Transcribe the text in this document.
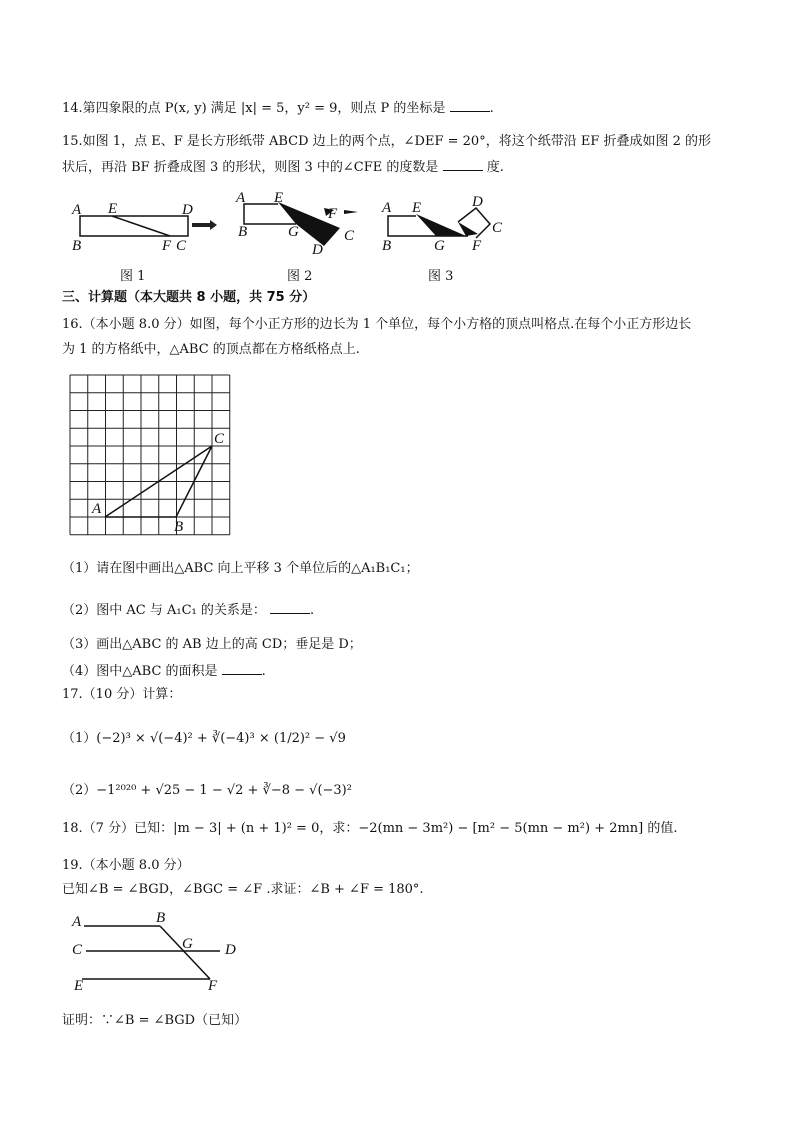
14.第四象限的点 P(x, y) 满足 |x| = 5，y² = 9，则点 P 的坐标是	.
15.如图 1，点 E、F 是长方形纸带 ABCD 边上的两个点，∠DEF = 20°，将这个纸带沿 EF 折叠成如图 2 的形
状后，再沿 BF 折叠成图 3 的形状，则图 3 中的∠CFE 的度数是	度.
A E	D
B	F C
A E
F
B	G	C
D
A E	D
C
B	G F
图 1	图 2	图 3
三、计算题（本大题共 8 小题，共 75 分）
16.（本小题 8.0 分）如图，每个小正方形的边长为 1 个单位，每个小方格的顶点叫格点.在每个小正方形边长
为 1 的方格纸中，△ABC 的顶点都在方格纸格点上.
A
B
C
（1）请在图中画出△ABC 向上平移 3 个单位后的△A₁B₁C₁；
（2）图中 AC 与 A₁C₁ 的关系是：	.
（3）画出△ABC 的 AB 边上的高 CD；垂足是 D；
（4）图中△ABC 的面积是	.
17.（10 分）计算：
（1）(−2)³ × √(−4)² + ∛(−4)³ × (1/2)² − √9
（2）−1²⁰²⁰ + √25 − 1 − √2 + ∛−8 − √(−3)²
18.（7 分）已知：|m − 3| + (n + 1)² = 0，求：−2(mn − 3m²) − [m² − 5(mn − m²) + 2mn] 的值.
19.（本小题 8.0 分）
已知∠B = ∠BGD，∠BGC = ∠F .求证：∠B + ∠F = 180°.
A	B
C	G D
E	F
证明：∵∠B = ∠BGD（已知）
